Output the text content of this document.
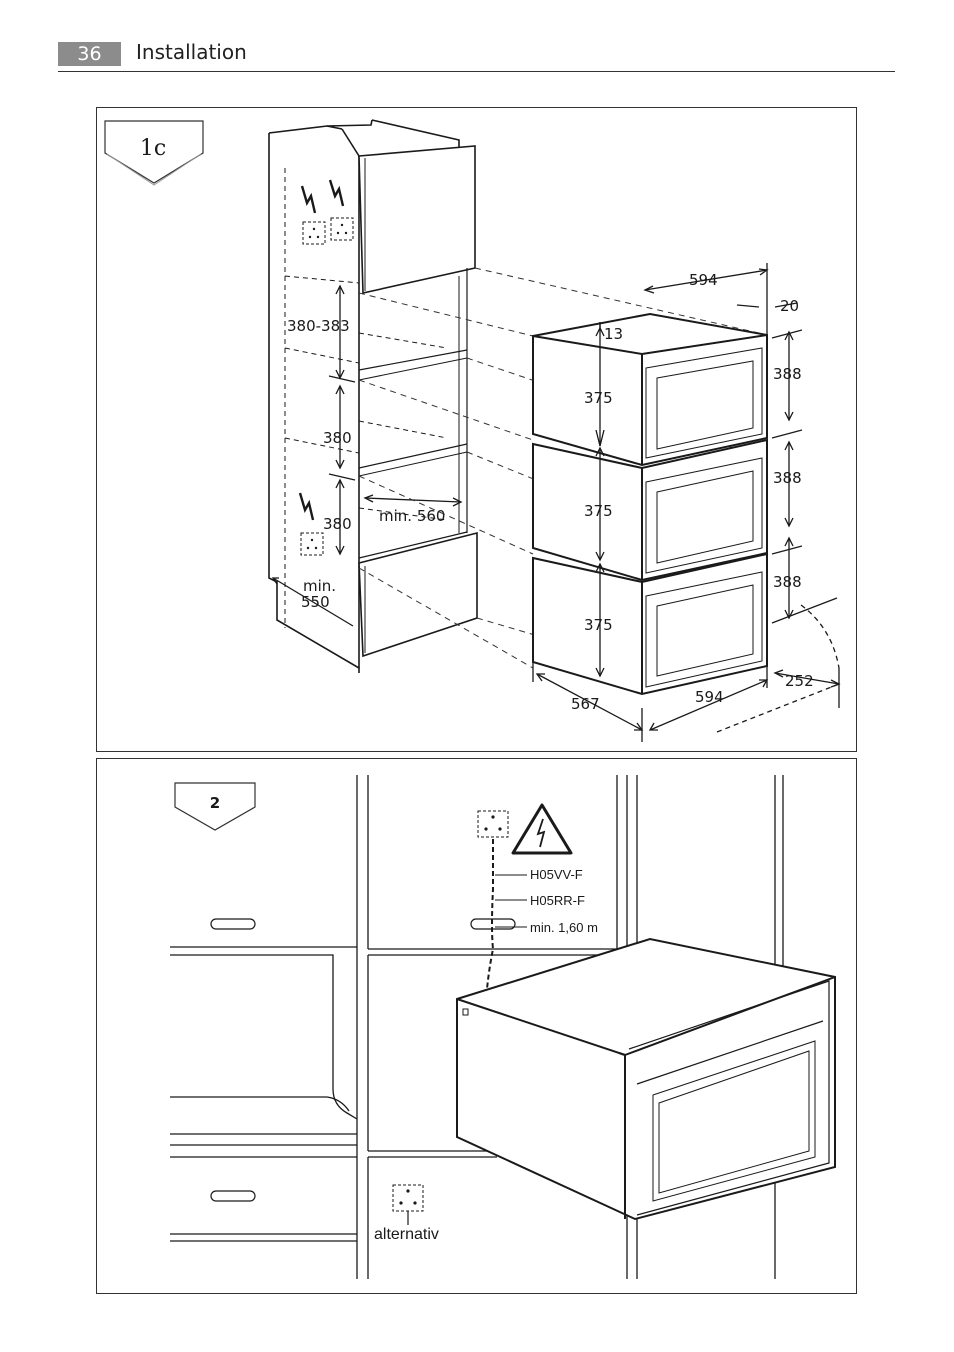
36	Installation
1c
380-383
380
380 min. 560
min.
550
594
20
13
375
375
375
388
388
388
567	594
252
2
H05VV-F
H05RR-F
min. 1,60 m
alternativ
